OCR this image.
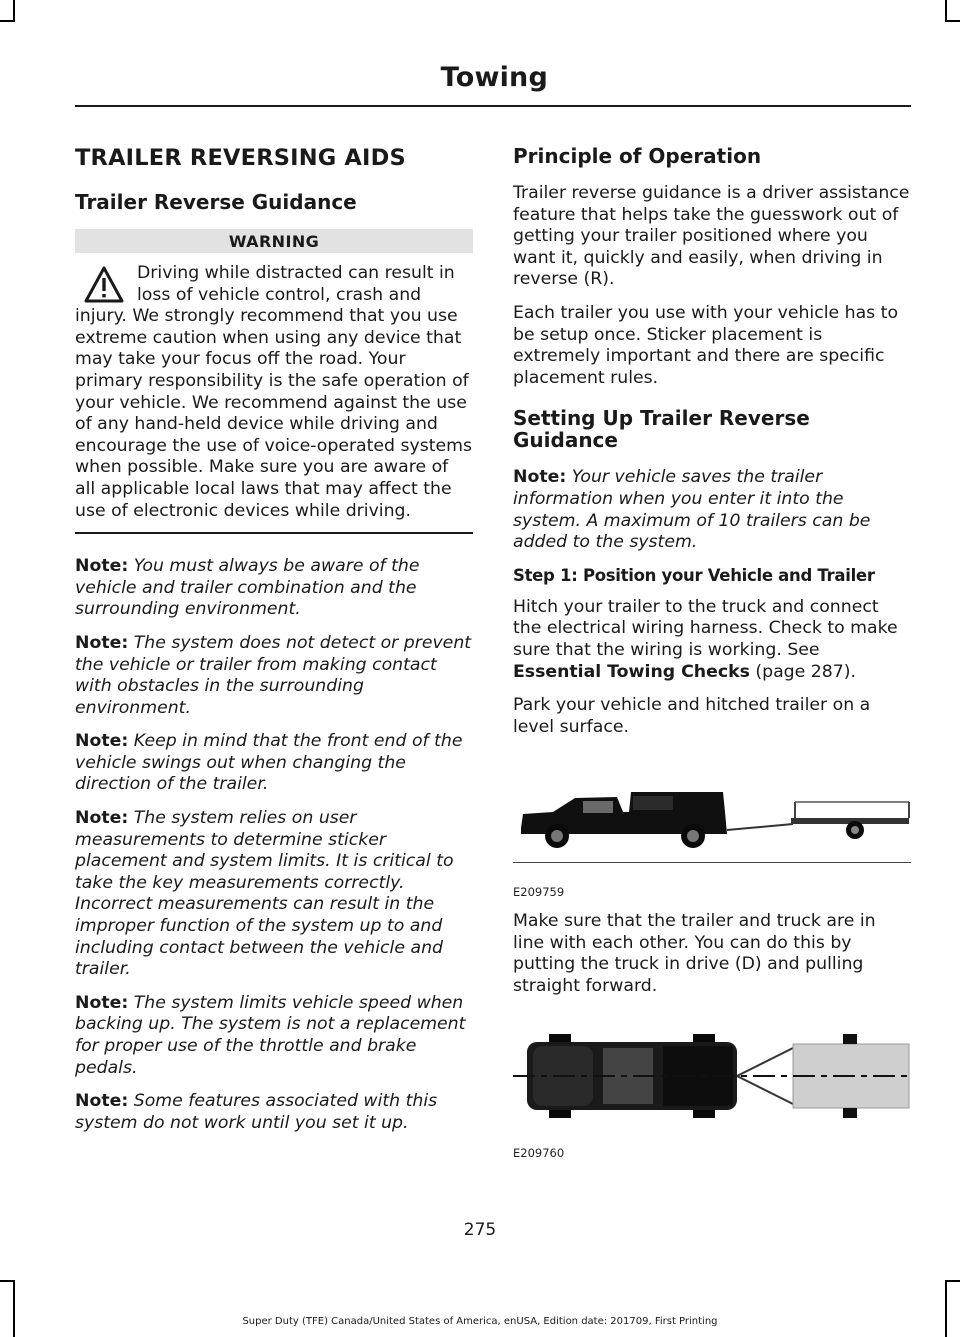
Towing
TRAILER REVERSING AIDS
Trailer Reverse Guidance
WARNING

Driving while distracted can result in loss of vehicle control, crash and injury. We strongly recommend that you use extreme caution when using any device that may take your focus off the road. Your primary responsibility is the safe operation of your vehicle. We recommend against the use of any hand-held device while driving and encourage the use of voice-operated systems when possible. Make sure you are aware of all applicable local laws that may affect the use of electronic devices while driving.

Note: You must always be aware of the vehicle and trailer combination and the surrounding environment.

Note: The system does not detect or prevent the vehicle or trailer from making contact with obstacles in the surrounding environment.

Note: Keep in mind that the front end of the vehicle swings out when changing the direction of the trailer.

Note: The system relies on user measurements to determine sticker placement and system limits. It is critical to take the key measurements correctly. Incorrect measurements can result in the improper function of the system up to and including contact between the vehicle and trailer.

Note: The system limits vehicle speed when backing up. The system is not a replacement for proper use of the throttle and brake pedals.

Note: Some features associated with this system do not work until you set it up.

Principle of Operation

Trailer reverse guidance is a driver assistance feature that helps take the guesswork out of getting your trailer positioned where you want it, quickly and easily, when driving in reverse (R).

Each trailer you use with your vehicle has to be setup once. Sticker placement is extremely important and there are specific placement rules.

Setting Up Trailer Reverse Guidance

Note: Your vehicle saves the trailer information when you enter it into the system. A maximum of 10 trailers can be added to the system.

Step 1: Position your Vehicle and Trailer

Hitch your trailer to the truck and connect the electrical wiring harness. Check to make sure that the wiring is working. See Essential Towing Checks (page 287).

Park your vehicle and hitched trailer on a level surface.

E209759

Make sure that the trailer and truck are in line with each other. You can do this by putting the truck in drive (D) and pulling straight forward.

E209760
275
Super Duty (TFE) Canada/United States of America, enUSA, Edition date: 201709, First Printing
